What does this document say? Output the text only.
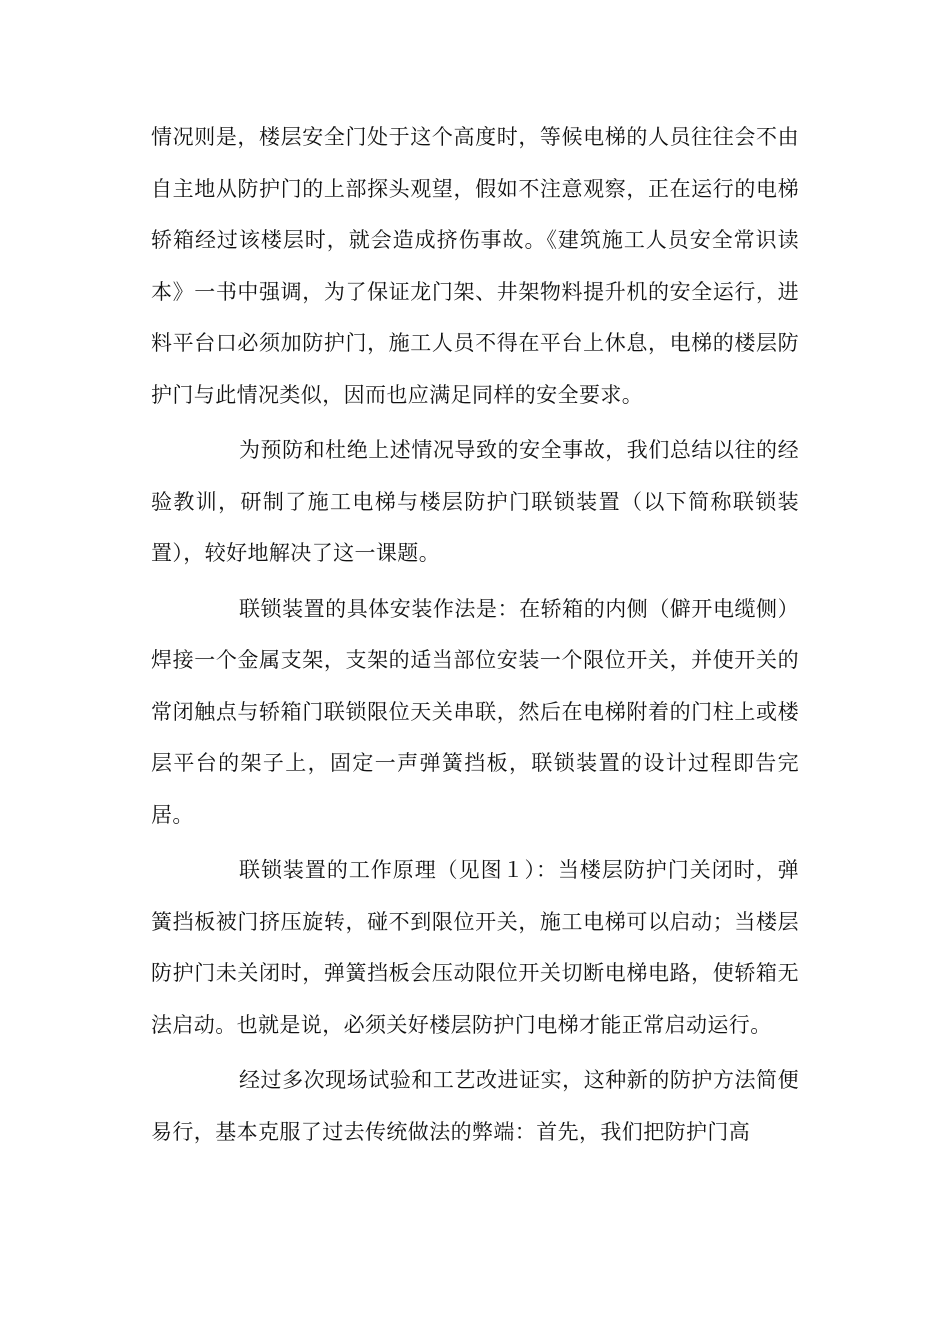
情况则是，楼层安全门处于这个高度时，等候电梯的人员往往会不由自主地从防护门的上部探头观望，假如不注意观察，正在运行的电梯轿箱经过该楼层时，就会造成挤伤事故。《建筑施工人员安全常识读本》一书中强调，为了保证龙门架、井架物料提升机的安全运行，进料平台口必须加防护门，施工人员不得在平台上休息，电梯的楼层防护门与此情况类似，因而也应满足同样的安全要求。

为预防和杜绝上述情况导致的安全事故，我们总结以往的经验教训，研制了施工电梯与楼层防护门联锁装置（以下简称联锁装置），较好地解决了这一课题。

联锁装置的具体安装作法是：在轿箱的内侧（僻开电缆侧）焊接一个金属支架，支架的适当部位安装一个限位开关，并使开关的常闭触点与轿箱门联锁限位天关串联，然后在电梯附着的门柱上或楼层平台的架子上，固定一声弹簧挡板，联锁装置的设计过程即告完居。

联锁装置的工作原理（见图１）：当楼层防护门关闭时，弹簧挡板被门挤压旋转，碰不到限位开关，施工电梯可以启动；当楼层防护门未关闭时，弹簧挡板会压动限位开关切断电梯电路，使轿箱无法启动。也就是说，必须关好楼层防护门电梯才能正常启动运行。

经过多次现场试验和工艺改进证实，这种新的防护方法简便易行，基本克服了过去传统做法的弊端：首先，我们把防护门高
